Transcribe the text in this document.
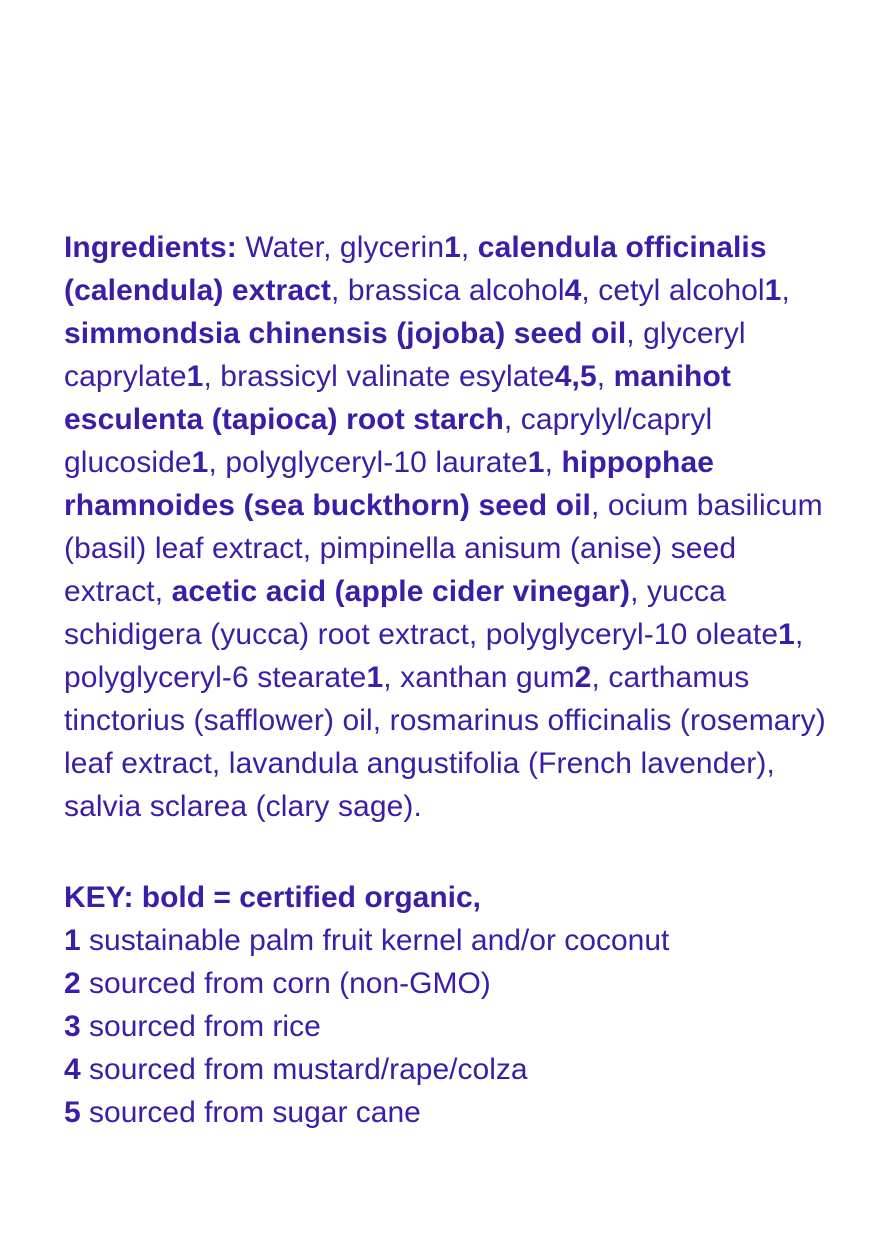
Ingredients: Water, glycerin1, calendula officinalis (calendula) extract, brassica alcohol4, cetyl alcohol1, simmondsia chinensis (jojoba) seed oil, glyceryl caprylate1, brassicyl valinate esylate4,5, manihot esculenta (tapioca) root starch, caprylyl/capryl glucoside1, polyglyceryl-10 laurate1, hippophae rhamnoides (sea buckthorn) seed oil, ocium basilicum (basil) leaf extract, pimpinella anisum (anise) seed extract, acetic acid (apple cider vinegar), yucca schidigera (yucca) root extract, polyglyceryl-10 oleate1, polyglyceryl-6 stearate1, xanthan gum2, carthamus tinctorius (safflower) oil, rosmarinus officinalis (rosemary) leaf extract, lavandula angustifolia (French lavender), salvia sclarea (clary sage).

KEY: bold = certified organic,
1 sustainable palm fruit kernel and/or coconut
2 sourced from corn (non-GMO)
3 sourced from rice
4 sourced from mustard/rape/colza
5 sourced from sugar cane
